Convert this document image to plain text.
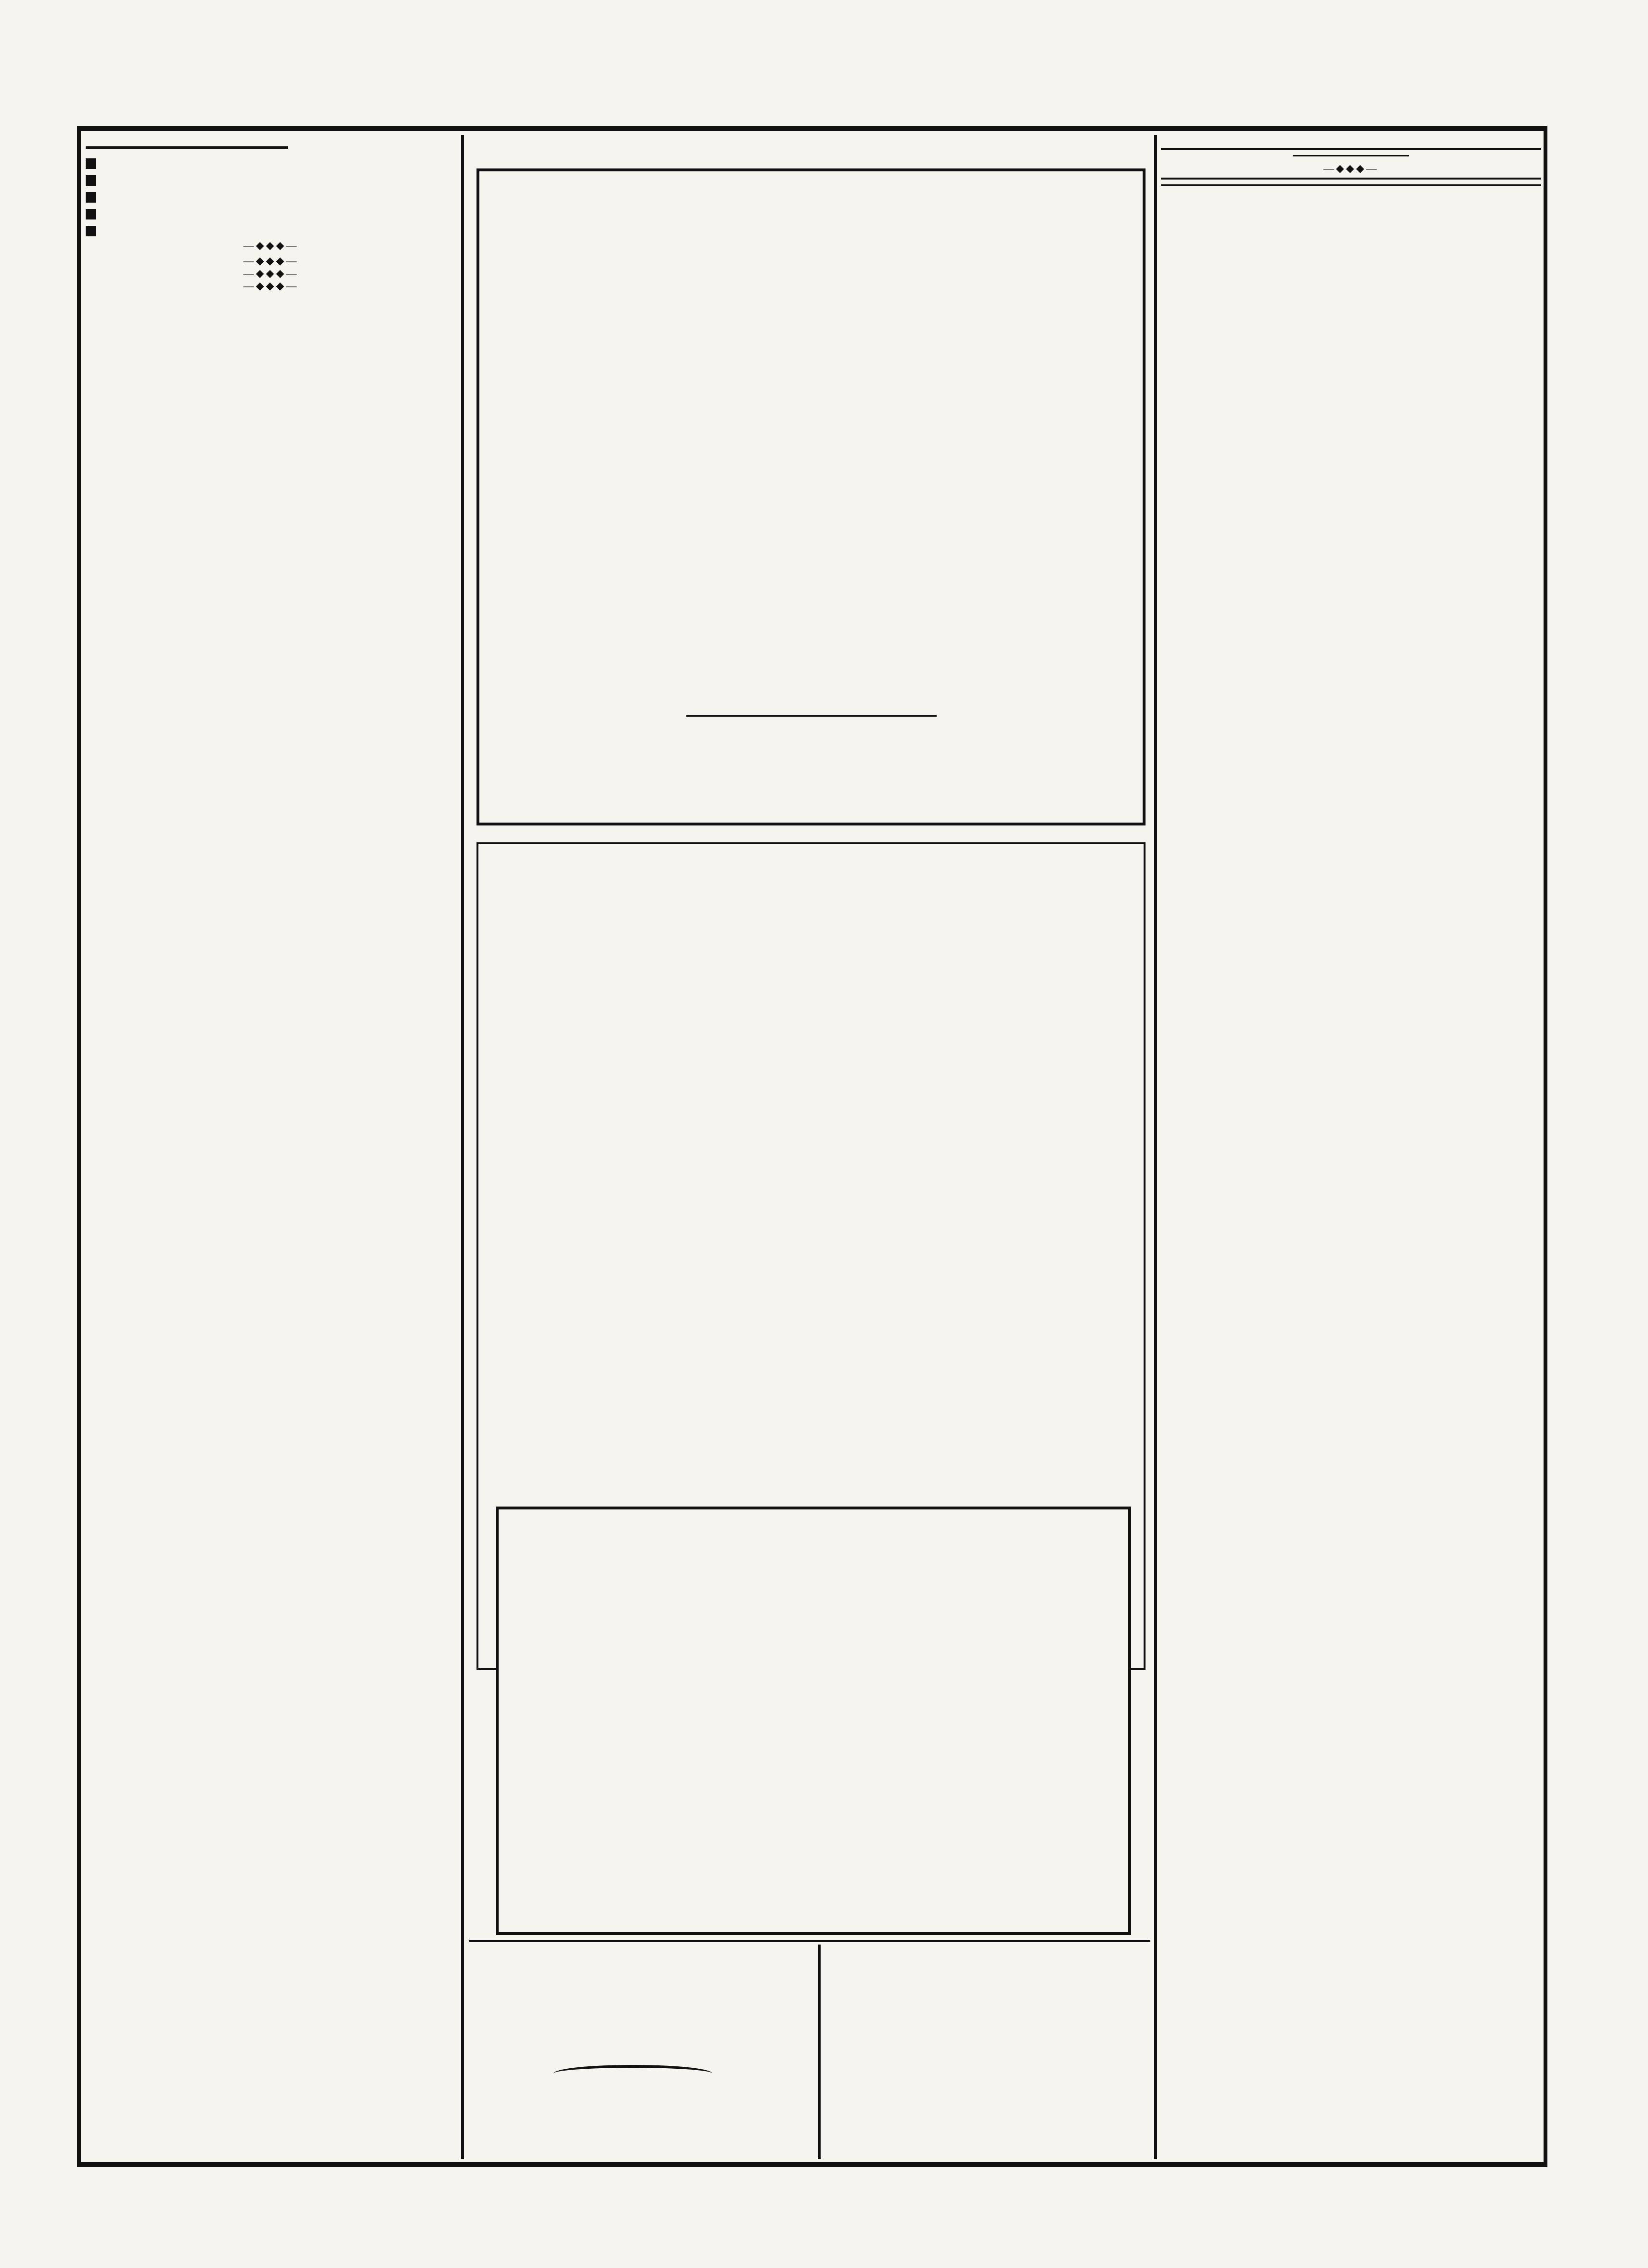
—◆◆◆—
—◆◆◆—
—◆◆◆—
—◆◆◆—

—◆◆◆—
